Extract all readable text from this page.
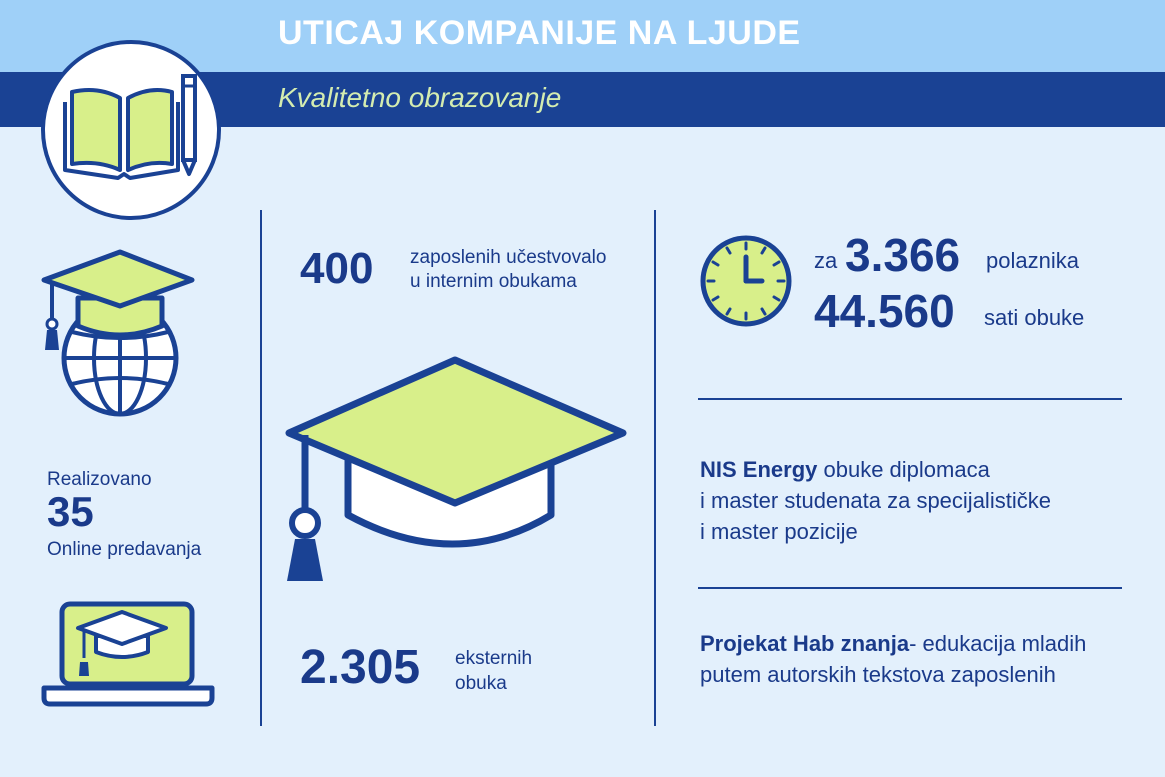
UTICAJ KOMPANIJE NA LJUDE
Kvalitetno obrazovanje
Realizovano
35
Online predavanja
400 zaposlenih učestvovalo
u internim obukama
2.305 eksternih
obuka
za 3.366 polaznika
44.560 sati obuke
NIS Energy obuke diplomaca
i master studenata za specijalističke
i master pozicije
Projekat Hab znanja- edukacija mladih
putem autorskih tekstova zaposlenih
